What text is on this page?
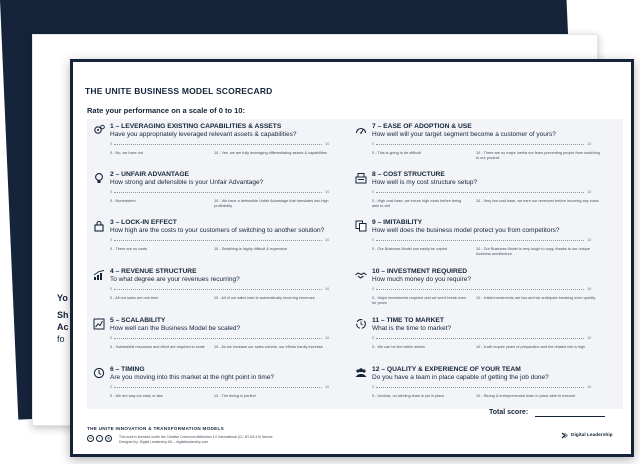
Yo
Sh
Ac
fo
THE UNITE BUSINESS MODEL SCORECARD
Rate your performance on a scale of 0 to 10:
1 – LEVERAGING EXISTING CAPABILITIES & ASSETS
Have you appropriately leveraged relevant assets & capabilities?
0	10
0 - No, we have not	10 - Yes, we are fully leveraging differentiating assets & capabilities
2 – UNFAIR ADVANTAGE
How strong and defensible is your Unfair Advantage?
0	10
0 - Nonexistent	10 - We have a defensible Unfair Advantage that translates into high profitability
3 – LOCK-IN EFFECT
How high are the costs to your customers of switching to another solution?
0	10
0 - There are no costs	10 - Switching is highly difficult & expensive
4 – REVENUE STRUCTURE
To what degree are your revenues recurring?
0	10
0 - All our sales are one-time	10 - All of our sales lead to automatically recurring revenues
5 – SCALABILITY
How well can the Business Model be scaled?
0	10
0 - Substantial resources and effort are required to scale 10 - As we increase our sales volume, our efforts hardly increase
6 – TIMING
Are you moving into this market at the right point in time?
0	10
0 - We are way too early or late	10 - The timing is perfect
7 – EASE OF ADOPTION & USE
How well will your target segment become a customer of yours?
0	10
0 - This is going to be difficult	10 - There are no major inertia nor fears preventing people from switching to our product
8 – COST STRUCTURE
How well is my cost structure setup?
0	10
0 - High cost base, we incure high costs before being able to sell
10 - Very low cost base, we earn our revenues before incurring any costs
9 – IMITABILITY
How well does the business model protect you from competitors?
0	10
0 - Our Business Model can easily be copied	10 - Our Business Model is very tough to copy, thanks to our unique business architecture
10 – INVESTMENT REQUIRED
How much money do you require?
0	10
0 - Major investments required and we won't break even for years
10 - Initial investments are low and we anticipate breaking even quickly
11 – TIME TO MARKET
What is the time to market?
0	10
0 - We can be live within weeks	10 - It will require years of preparation and the related risk is high
12 – QUALITY & EXPERIENCE OF YOUR TEAM
Do you have a team in place capable of getting the job done?
0	10
0 - Unclear, no winning team is yet in place	10 - Strong & entrepreneurial team in place able to execute
Total score:
THE UNITE INNOVATION & TRANSFORMATION MODELS
cc	i	◎	This work is licensed under the Creative Commons Attribution 4.0 International (CC BY-SA 4.0) license
Designed by: Digital Leadership AG – digitalleadership.com
Digital Leadership
